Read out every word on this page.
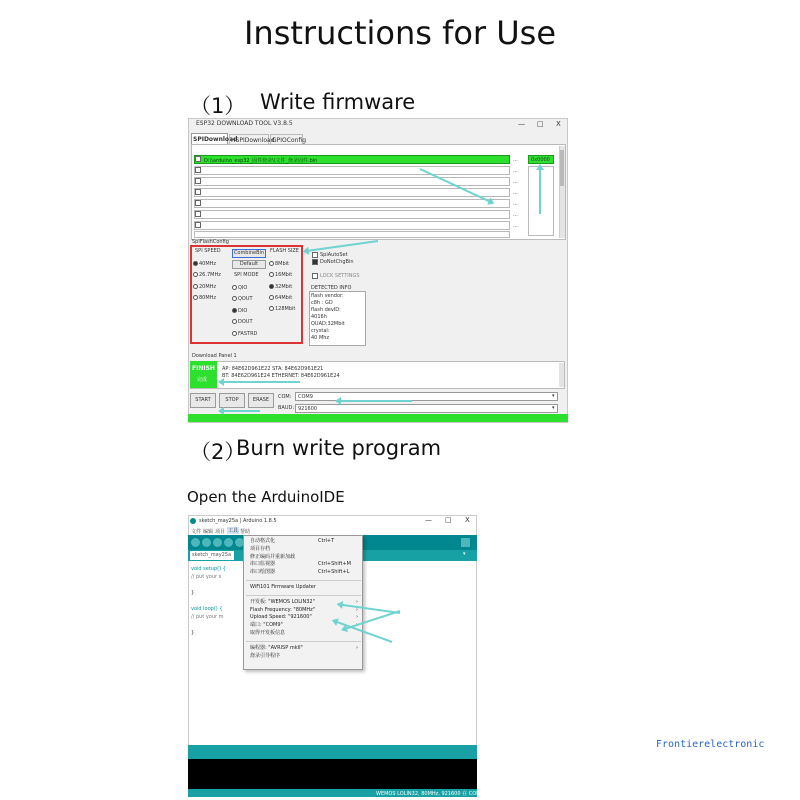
Instructions for Use
（1） Write firmware
ESP32 DOWNLOAD TOOL V3.8.5	— □ X
SPIDownload
HSPIDownload
GPIOConfig
D:\\arduino_esp32_固件烧录\\文件_烧录固件.bin	0x0000
...
...
...
...
...
...
...
SpiFlashConfig
SPI SPEED
40MHz
26.7MHz
20MHz
80MHz
CombineBin
Default
SPI MODE
QIO
QOUT
DIO
DOUT
FASTRD
FLASH SIZE
8Mbit
16Mbit
32Mbit
64Mbit
128Mbit
SpiAutoSet
DoNotChgBin
LOCK SETTINGS
DETECTED INFO
flash vendor:
c8h : GD
flash devID:
4016h
QUAD;32Mbit
crystal:
40 Mhz
Download Panel 1
FINISH
完成
AP: 84E62D961E22 STA: 84E62D961E21
BT: 84E62D961E24 ETHERNET: 84E62D961E24
START	STOP	ERASE	COM: COM9	▾
BAUD: 921600	▾
（2）
Burn write program
Open the ArduinoIDE
sketch_may25a | Arduino 1.8.5	— □ X
文件 编辑 项目 工具 帮助
sketch_may25a	▾
void setup() {
// put your s
}
void loop() {
// put your m
}
自动格式化	Ctrl+T
项目存档
修正编码并重新加载
串口监视器	Ctrl+Shift+M
串口绘图器	Ctrl+Shift+L
WiFi101 Firmware Updater
开发板: "WEMOS LOLIN32"	›
Flash Frequency: "80MHz"	›
Upload Speed: "921600"	›
端口: "COM9"
取得开发板信息
编程器: "AVRISP mkII"	›
烧录引导程序
WEMOS LOLIN32, 80MHz, 921600 在 COM9
Frontierelectronic
